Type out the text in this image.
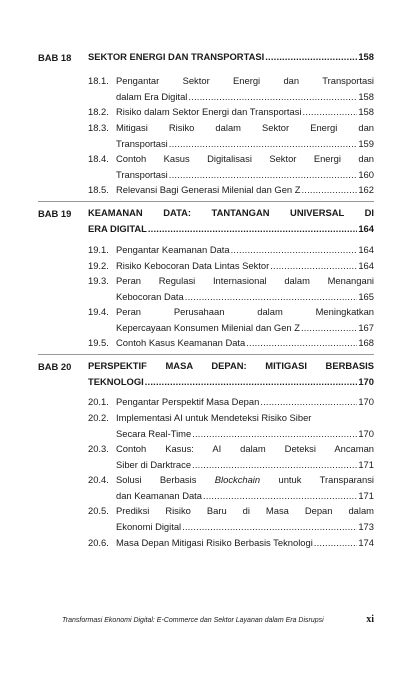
BAB 18 SEKTOR ENERGI DAN TRANSPORTASI .....	158
18.1. Pengantar Sektor Energi dan Transportasi
dalam Era Digital .....	158
18.2. Risiko dalam Sektor Energi dan Transportasi .....	158
18.3. Mitigasi Risiko dalam Sektor Energi dan
Transportasi .....	159
18.4. Contoh Kasus Digitalisasi Sektor Energi dan
Transportasi .....	160
18.5. Relevansi Bagi Generasi Milenial dan Gen Z .....	162
BAB 19 KEAMANAN DATA: TANTANGAN UNIVERSAL DI
ERA DIGITAL .....	164
19.1. Pengantar Keamanan Data .....	164
19.2. Risiko Kebocoran Data Lintas Sektor .....	164
19.3. Peran Regulasi Internasional dalam Menangani
Kebocoran Data .....	165
19.4. Peran Perusahaan dalam Meningkatkan
Kepercayaan Konsumen Milenial dan Gen Z .....	167
19.5. Contoh Kasus Keamanan Data .....	168
BAB 20 PERSPEKTIF MASA DEPAN: MITIGASI BERBASIS
TEKNOLOGI .....	170
20.1. Pengantar Perspektif Masa Depan .....	170
20.2. Implementasi AI untuk Mendeteksi Risiko Siber
Secara Real-Time .....	170
20.3. Contoh Kasus: AI dalam Deteksi Ancaman
Siber di Darktrace .....	171
20.4. Solusi Berbasis Blockchain untuk Transparansi
dan Keamanan Data .....	171
20.5. Prediksi Risiko Baru di Masa Depan dalam
Ekonomi Digital .....	173
20.6. Masa Depan Mitigasi Risiko Berbasis Teknologi .....	174
Transformasi Ekonomi Digital: E-Commerce dan Sektor Layanan dalam Era Disrupsi	xi
